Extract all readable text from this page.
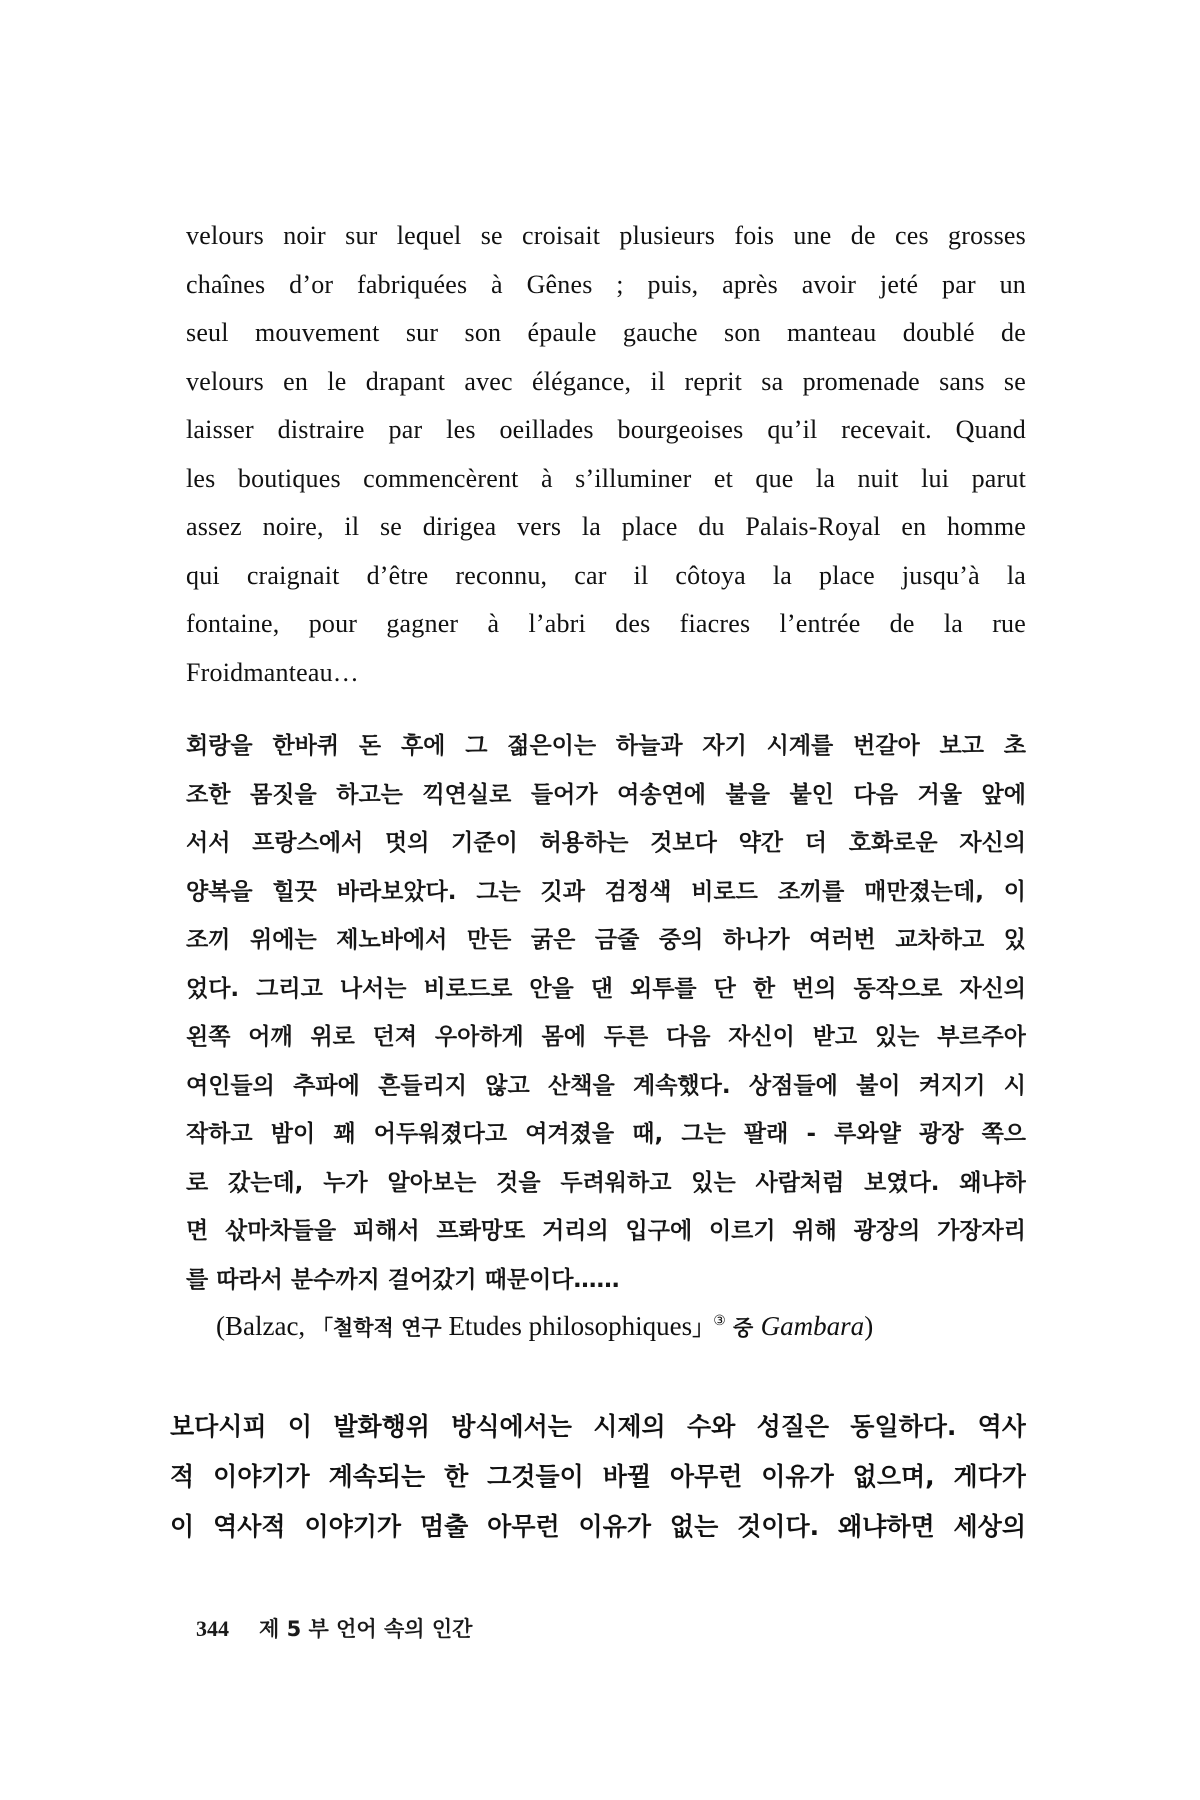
velours noir sur lequel se croisait plusieurs fois une de ces grosses
chaînes d’or fabriquées à Gênes ; puis, après avoir jeté par un
seul mouvement sur son épaule gauche son manteau doublé de
velours en le drapant avec élégance, il reprit sa promenade sans se
laisser distraire par les oeillades bourgeoises qu’il recevait. Quand
les boutiques commencèrent à s’illuminer et que la nuit lui parut
assez noire, il se dirigea vers la place du Palais-Royal en homme
qui craignait d’être reconnu, car il côtoya la place jusqu’à la
fontaine, pour gagner à l’abri des fiacres l’entrée de la rue
Froidmanteau…
회랑을 한바퀴 돈 후에 그 젊은이는 하늘과 자기 시계를 번갈아 보고 초
조한 몸짓을 하고는 끽연실로 들어가 여송연에 불을 붙인 다음 거울 앞에
서서 프랑스에서 멋의 기준이 허용하는 것보다 약간 더 호화로운 자신의
양복을 힐끗 바라보았다. 그는 깃과 검정색 비로드 조끼를 매만졌는데, 이
조끼 위에는 제노바에서 만든 굵은 금줄 중의 하나가 여러번 교차하고 있
었다. 그리고 나서는 비로드로 안을 댄 외투를 단 한 번의 동작으로 자신의
왼쪽 어깨 위로 던져 우아하게 몸에 두른 다음 자신이 받고 있는 부르주아
여인들의 추파에 흔들리지 않고 산책을 계속했다. 상점들에 불이 켜지기 시
작하고 밤이 꽤 어두워졌다고 여겨졌을 때, 그는 팔래 - 루와얄 광장 쪽으
로 갔는데, 누가 알아보는 것을 두려워하고 있는 사람처럼 보였다. 왜냐하
면 삯마차들을 피해서 프롸망또 거리의 입구에 이르기 위해 광장의 가장자리
를 따라서 분수까지 걸어갔기 때문이다……
(Balzac, 「철학적 연구 Etudes philosophiques」③ 중 Gambara)
보다시피 이 발화행위 방식에서는 시제의 수와 성질은 동일하다. 역사
적 이야기가 계속되는 한 그것들이 바뀔 아무런 이유가 없으며, 게다가
이 역사적 이야기가 멈출 아무런 이유가 없는 것이다. 왜냐하면 세상의
344 제 5 부 언어 속의 인간
